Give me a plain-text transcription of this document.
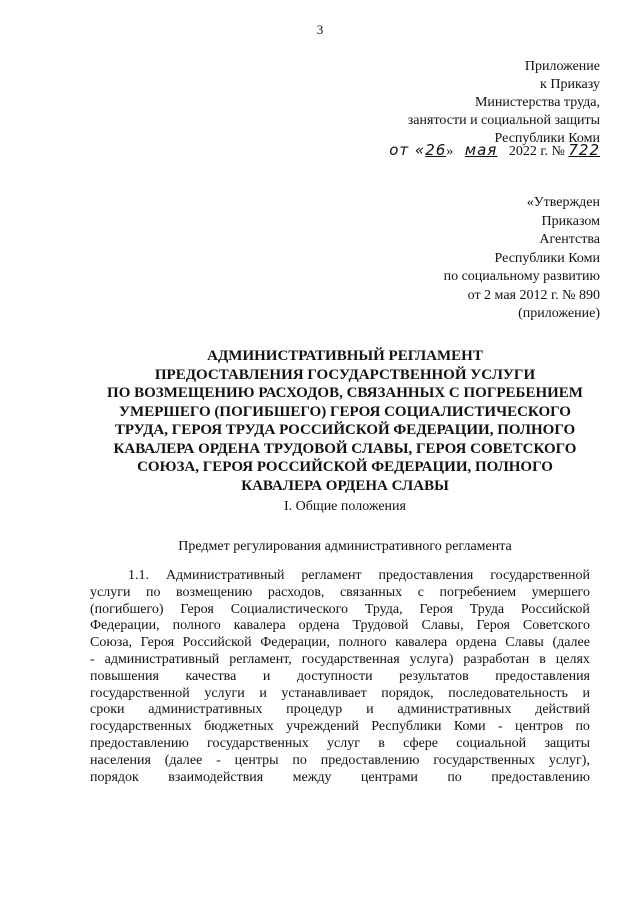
3
Приложение
к Приказу
Министерства труда,
занятости и социальной защиты
Республики Коми
от «26» мая 2022 г. № 722
«Утвержден
Приказом
Агентства
Республики Коми
по социальному развитию
от 2 мая 2012 г. № 890
(приложение)
АДМИНИСТРАТИВНЫЙ РЕГЛАМЕНТ
ПРЕДОСТАВЛЕНИЯ ГОСУДАРСТВЕННОЙ УСЛУГИ
ПО ВОЗМЕЩЕНИЮ РАСХОДОВ, СВЯЗАННЫХ С ПОГРЕБЕНИЕМ
УМЕРШЕГО (ПОГИБШЕГО) ГЕРОЯ СОЦИАЛИСТИЧЕСКОГО
ТРУДА, ГЕРОЯ ТРУДА РОССИЙСКОЙ ФЕДЕРАЦИИ, ПОЛНОГО
КАВАЛЕРА ОРДЕНА ТРУДОВОЙ СЛАВЫ, ГЕРОЯ СОВЕТСКОГО
СОЮЗА, ГЕРОЯ РОССИЙСКОЙ ФЕДЕРАЦИИ, ПОЛНОГО
КАВАЛЕРА ОРДЕНА СЛАВЫ
I. Общие положения
Предмет регулирования административного регламента
1.1. Административный регламент предоставления государственной
услуги по возмещению расходов, связанных с погребением умершего
(погибшего) Героя Социалистического Труда, Героя Труда Российской
Федерации, полного кавалера ордена Трудовой Славы, Героя Советского
Союза, Героя Российской Федерации, полного кавалера ордена Славы (далее
- административный регламент, государственная услуга) разработан в целях
повышения качества и доступности результатов предоставления
государственной услуги и устанавливает порядок, последовательность и
сроки административных процедур и административных действий
государственных бюджетных учреждений Республики Коми - центров по
предоставлению государственных услуг в сфере социальной защиты
населения (далее - центры по предоставлению государственных услуг),
порядок взаимодействия между центрами по предоставлению
